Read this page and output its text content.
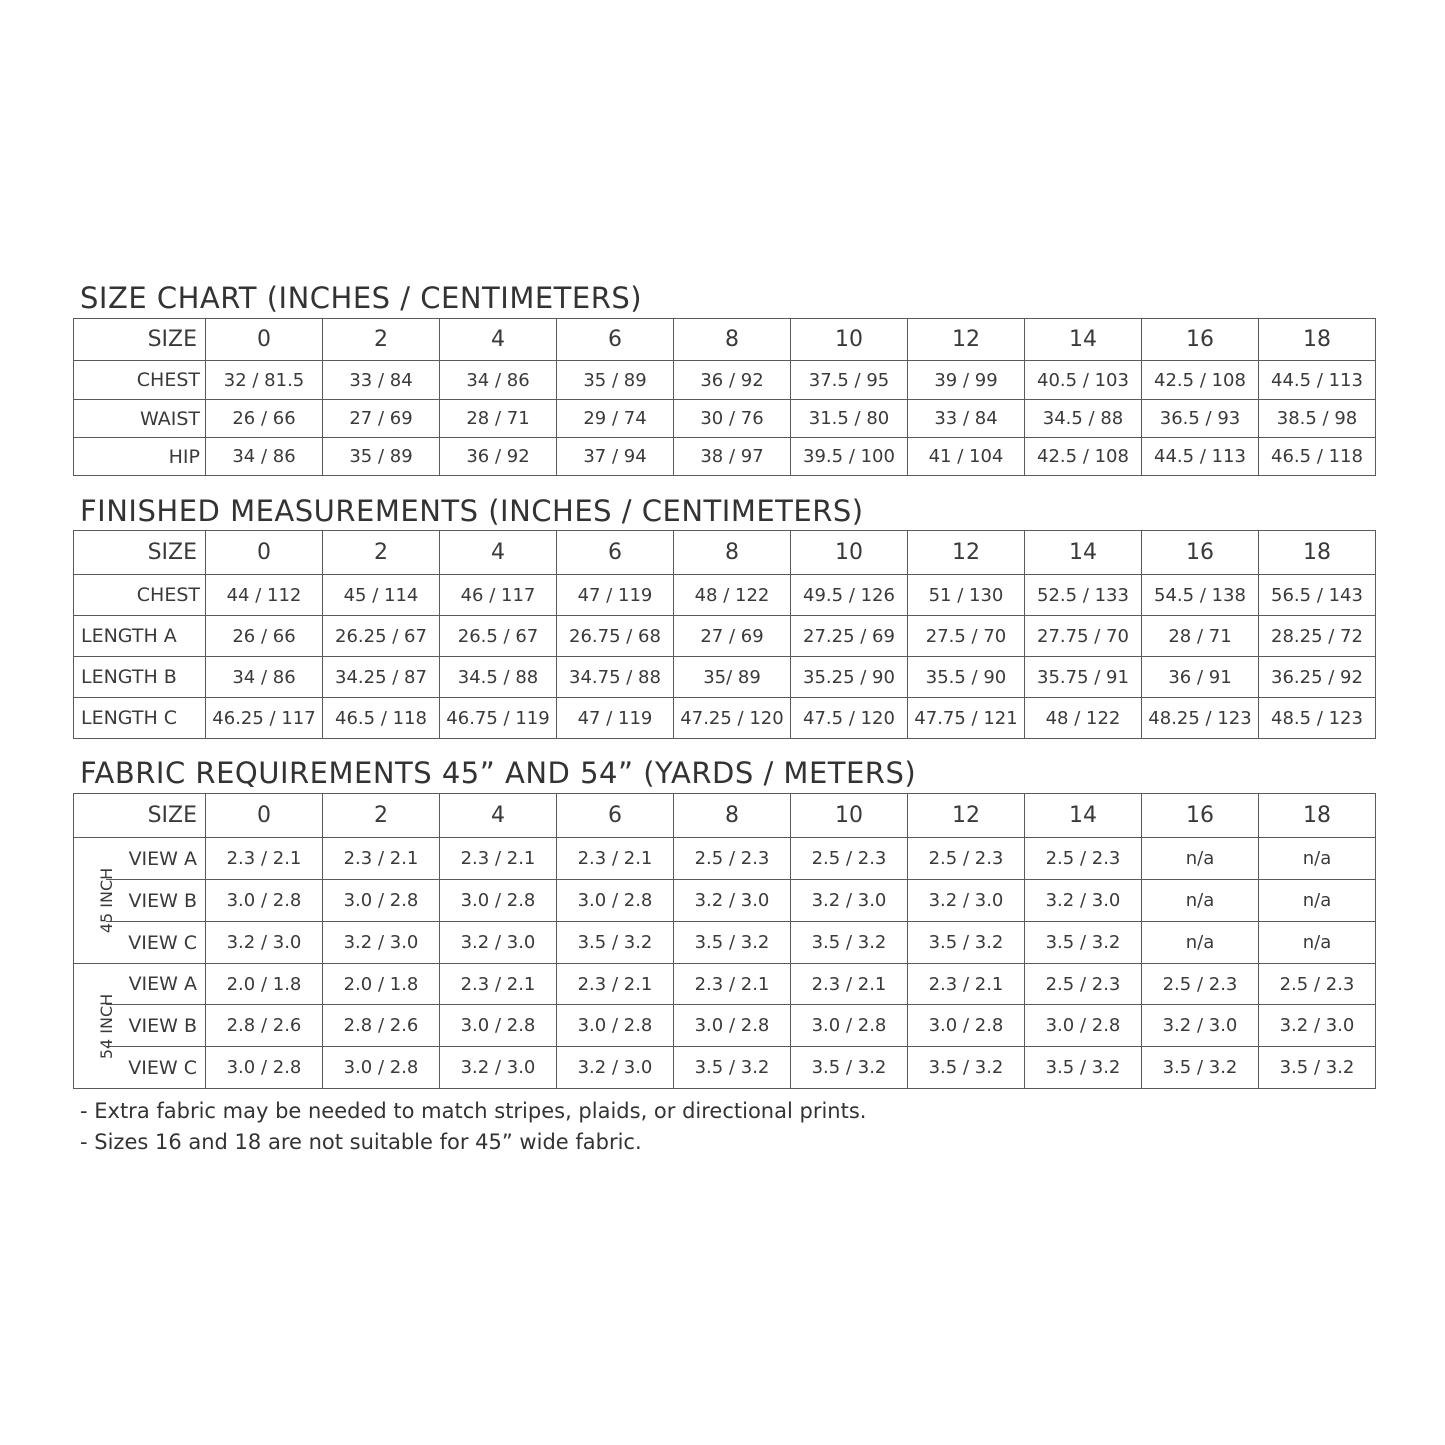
SIZE CHART (INCHES / CENTIMETERS)
SIZE	0	2	4	6	8	10	12	14	16	18
CHEST	32 / 81.5	33 / 84	34 / 86	35 / 89	36 / 92	37.5 / 95	39 / 99	40.5 / 103	42.5 / 108	44.5 / 113
WAIST	26 / 66	27 / 69	28 / 71	29 / 74	30 / 76	31.5 / 80	33 / 84	34.5 / 88	36.5 / 93	38.5 / 98
HIP	34 / 86	35 / 89	36 / 92	37 / 94	38 / 97	39.5 / 100	41 / 104	42.5 / 108	44.5 / 113	46.5 / 118
FINISHED MEASUREMENTS (INCHES / CENTIMETERS)
SIZE	0	2	4	6	8	10	12	14	16	18
CHEST	44 / 112	45 / 114	46 / 117	47 / 119	48 / 122	49.5 / 126	51 / 130	52.5 / 133	54.5 / 138	56.5 / 143
LENGTH A	26 / 66	26.25 / 67	26.5 / 67	26.75 / 68	27 / 69	27.25 / 69	27.5 / 70	27.75 / 70	28 / 71	28.25 / 72
LENGTH B	34 / 86	34.25 / 87	34.5 / 88	34.75 / 88	35/ 89	35.25 / 90	35.5 / 90	35.75 / 91	36 / 91	36.25 / 92
LENGTH C	46.25 / 117	46.5 / 118	46.75 / 119	47 / 119	47.25 / 120	47.5 / 120	47.75 / 121	48 / 122	48.25 / 123	48.5 / 123
FABRIC REQUIREMENTS 45” AND 54” (YARDS / METERS)
	SIZE	0	2	4	6	8	10	12	14	16	18
45 INCH	VIEW A	2.3 / 2.1	2.3 / 2.1	2.3 / 2.1	2.3 / 2.1	2.5 / 2.3	2.5 / 2.3	2.5 / 2.3	2.5 / 2.3	n/a	n/a
	VIEW B	3.0 / 2.8	3.0 / 2.8	3.0 / 2.8	3.0 / 2.8	3.2 / 3.0	3.2 / 3.0	3.2 / 3.0	3.2 / 3.0	n/a	n/a
	VIEW C	3.2 / 3.0	3.2 / 3.0	3.2 / 3.0	3.5 / 3.2	3.5 / 3.2	3.5 / 3.2	3.5 / 3.2	3.5 / 3.2	n/a	n/a
54 INCH	VIEW A	2.0 / 1.8	2.0 / 1.8	2.3 / 2.1	2.3 / 2.1	2.3 / 2.1	2.3 / 2.1	2.3 / 2.1	2.5 / 2.3	2.5 / 2.3	2.5 / 2.3
	VIEW B	2.8 / 2.6	2.8 / 2.6	3.0 / 2.8	3.0 / 2.8	3.0 / 2.8	3.0 / 2.8	3.0 / 2.8	3.0 / 2.8	3.2 / 3.0	3.2 / 3.0
	VIEW C	3.0 / 2.8	3.0 / 2.8	3.2 / 3.0	3.2 / 3.0	3.5 / 3.2	3.5 / 3.2	3.5 / 3.2	3.5 / 3.2	3.5 / 3.2	3.5 / 3.2
- Extra fabric may be needed to match stripes, plaids, or directional prints.
- Sizes 16 and 18 are not suitable for 45” wide fabric.
